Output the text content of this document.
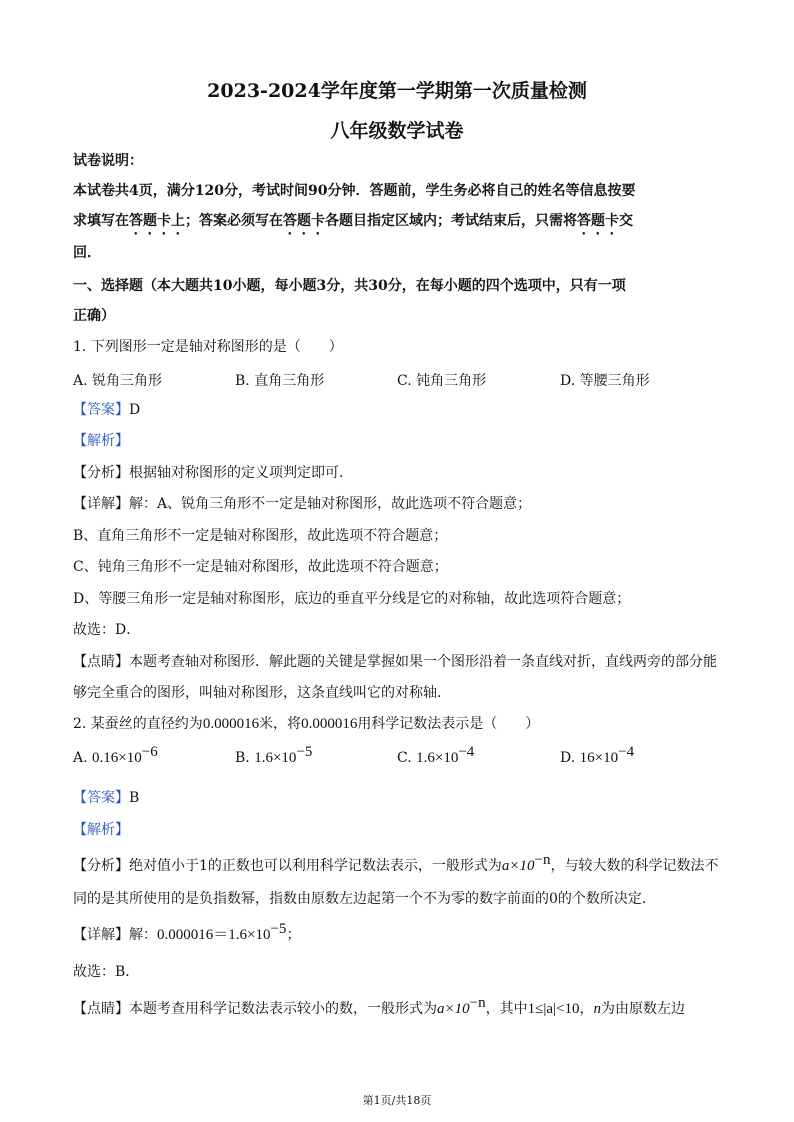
2023-2024学年度第一学期第一次质量检测
八年级数学试卷
试卷说明：
本试卷共4页，满分120分，考试时间90分钟．答题前，学生务必将自己的姓名等信息按要
求填写在答题卡上；答案必须写在答题卡各题目指定区域内；考试结束后，只需将答题卡交
回．
一、选择题（本大题共10小题，每小题3分，共30分，在每小题的四个选项中，只有一项
正确）
1. 下列图形一定是轴对称图形的是（　　）
A. 锐角三角形	B. 直角三角形	C. 钝角三角形	D. 等腰三角形
【答案】D
【解析】
【分析】根据轴对称图形的定义项判定即可．
【详解】解：A、锐角三角形不一定是轴对称图形，故此选项不符合题意；
B、直角三角形不一定是轴对称图形，故此选项不符合题意；
C、钝角三角形不一定是轴对称图形，故此选项不符合题意；
D、等腰三角形一定是轴对称图形，底边的垂直平分线是它的对称轴，故此选项符合题意；
故选：D．
【点睛】本题考查轴对称图形．解此题的关键是掌握如果一个图形沿着一条直线对折，直线两旁的部分能
够完全重合的图形，叫轴对称图形，这条直线叫它的对称轴．
2. 某蚕丝的直径约为0.000016米，将0.000016用科学记数法表示是（　　）
A. $0.16\times 10^{-6}$	B. $1.6\times 10^{-5}$	C. $1.6\times 10^{-4}$	D. $16\times 10^{-4}$
【答案】B
【解析】
【分析】绝对值小于1的正数也可以利用科学记数法表示，一般形式为$a\times 10^{-n}$，与较大数的科学记数法不
同的是其所使用的是负指数幂，指数由原数左边起第一个不为零的数字前面的0的个数所决定．
【详解】解：$0.000016=1.6\times 10^{-5}$；
故选：B．
【点睛】本题考查用科学记数法表示较小的数，一般形式为$a\times 10^{-n}$，其中1≤|a|<10，n为由原数左边
第1页/共18页
